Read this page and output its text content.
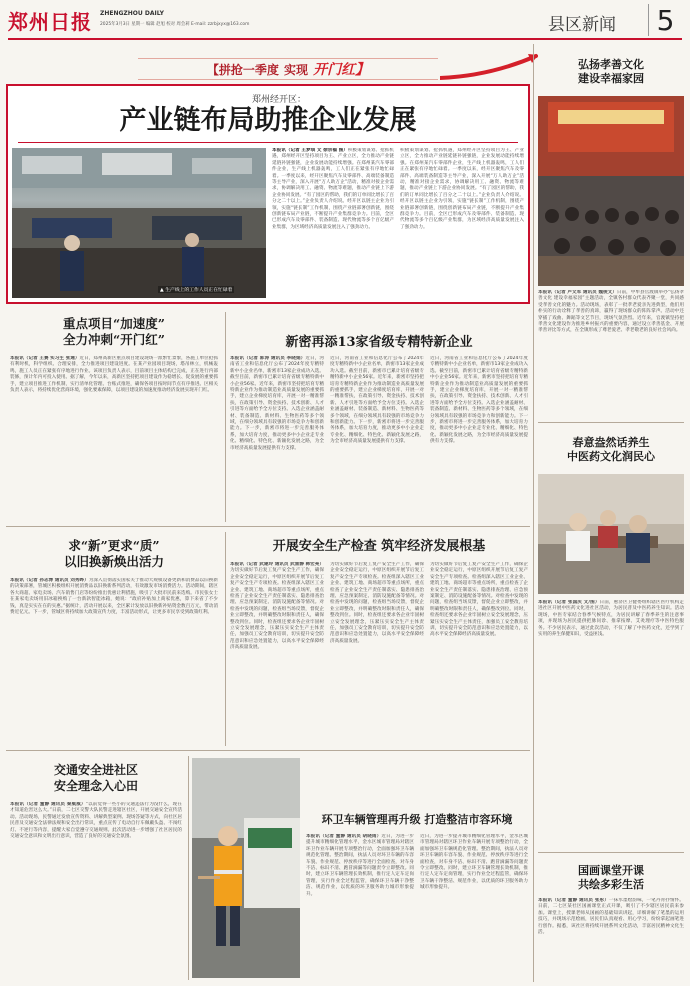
郑州日报 ZHENGZHOU DAILY
2025年3月3日 星期一 编辑 赵旭 校对 周会莉 E-mail: zzrbjxyx@163.com	县区新闻	5
【拼抢一季度 实现 开门红】
郑州经开区：
产业链布局助推企业发展
▲ 生产线上的工作人员正在忙碌着
本报讯（记者 王梦琪 文 徐宗福 图）积极策划谋划、抢抓机遇，郑州经开区坚持项目为王、产业立区，全力推动产业链延链补链强链，企业发展动能持续增强。在郑州某汽车零部件企业，生产线上机器轰鸣，工人们正在紧张有序地忙碌着。一季度以来，经开区聚焦汽车及零部件、高端装备制造等主导产业，深入开展“万人助万企”活动，精准对接企业需求，协调解决用工、融资、物流等难题，推动产业链上下游企业协同发展。“有了园区的帮助，我们的订单同比增长了百分之二十以上。”企业负责人介绍说。经开区以链主企业为引领，实施“链长制”工作机制，围绕产业链部署创新链，围绕创新链布局产业链，不断提升产业集群竞争力。目前，全区已形成汽车及零部件、装备制造、现代物流等多个百亿级产业集群，为区域经济高质量发展注入了强劲动力。
积极策划谋划、抢抓机遇，郑州经开区坚持项目为王、产业立区，全力推动产业链延链补链强链，企业发展动能持续增强。在郑州某汽车零部件企业，生产线上机器轰鸣，工人们正在紧张有序地忙碌着。一季度以来，经开区聚焦汽车及零部件、高端装备制造等主导产业，深入开展“万人助万企”活动，精准对接企业需求，协调解决用工、融资、物流等难题，推动产业链上下游企业协同发展。“有了园区的帮助，我们的订单同比增长了百分之二十以上。”企业负责人介绍说。经开区以链主企业为引领，实施“链长制”工作机制，围绕产业链部署创新链，围绕创新链布局产业链，不断提升产业集群竞争力。目前，全区已形成汽车及零部件、装备制造、现代物流等多个百亿级产业集群，为区域经济高质量发展注入了强劲动力。
弘扬孝善文化
建设幸福家园
本报讯（记者 卢文军 通讯员 魏俊文）日前，中牟县官渡镇举办“弘扬孝善文化 建设幸福家园”主题活动，全镇各村群众代表齐聚一堂，共同感受孝善文化的魅力。活动现场，表彰了一批孝老爱亲先进典型，他们用朴实的行动诠释了孝善的真谛，赢得了现场群众的阵阵掌声。活动中还穿插了戏曲、舞蹈等文艺节目，现场气氛热烈。近年来，官渡镇坚持把孝善文化建设作为推进乡村振兴的重要内容，通过设立孝善基金、开展孝善评比等方式，在全镇形成了尊老爱老、孝老敬老的良好社会风尚。
春意盎然话养生
中医药文化润民心
本报讯（记者 张国庆 文/图）日前，惠济区卫健委组织辖区医疗机构走进社区开展中医药文化进社区活动，为居民普及中医药养生知识。活动现场，中医专家结合春季气候特点，为居民讲解了春季养生的注意事项，并现场为居民提供把脉问诊、推拿按摩、艾灸理疗等中医特色服务。不少居民表示，通过此次活动，不仅了解了中医药文化，还学到了实用的养生保健知识，受益匪浅。
国画课堂开课
共绘多彩生活
本报讯（记者 董静 通讯员 张彤）一抹水墨绘韵味，一笔丹青抒情怀。日前，二七区某社区国画课堂正式开课，吸引了不少辖区居民前来参加。课堂上，授课老师从国画的基础知识讲起，详细讲解了笔墨的运用技巧，并现场示范绘画，居民们认真观看、用心学习，纷纷拿起画笔进行创作。据悉，该社区将持续开展系列文化活动，丰富居民精神文化生活。
重点项目“加速度”
全力冲刺“开门红”
本报讯（记者 王赛 实习生 张通）近日，郑州高新区重点项目建设现场一派繁忙景象，各施工单位抢抓有利时机，科学组织、合理安排，全力推进项目建设进度。在某产业园项目现场，塔吊林立，机械轰鸣，施工人员正在紧张有序地进行作业。该项目负责人表示，目前项目主体结构已完成，正在进行内部装修，预计年内可投入使用。据了解，今年以来，高新区坚持把项目建设作为稳增长、促发展的重要抓手，建立项目推进工作机制，实行清单化管理、台账式推进，确保各项目按时间节点有序推进。区相关负责人表示，将持续优化营商环境，强化要素保障，以项目建设的加速度推动经济发展实现开门红。
新密再添13家省级专精特新企业
本报讯（记者 郭涛 通讯员 李晓娟）近日，河南省工业和信息化厅公布了2024年度专精特新中小企业名单，新密市13家企业成功入选。截至目前，新密市已累计培育省级专精特新中小企业56家。近年来，新密市坚持把培育专精特新企业作为推动制造业高质量发展的重要抓手，建立企业梯度培育库，开展一对一精准帮扶，在政策引导、资金扶持、技术创新、人才引进等方面给予全方位支持。入选企业涵盖耐材、装备制造、新材料、生物医药等多个领域，在细分领域具有较强的市场竞争力和创新能力。下一步，新密市将进一步完善服务体系，加大培育力度，推动更多中小企业走专业化、精细化、特色化、新颖化发展之路，为全市经济高质量发展提供有力支撑。
近日，河南省工业和信息化厅公布了2024年度专精特新中小企业名单，新密市13家企业成功入选。截至目前，新密市已累计培育省级专精特新中小企业56家。近年来，新密市坚持把培育专精特新企业作为推动制造业高质量发展的重要抓手，建立企业梯度培育库，开展一对一精准帮扶，在政策引导、资金扶持、技术创新、人才引进等方面给予全方位支持。入选企业涵盖耐材、装备制造、新材料、生物医药等多个领域，在细分领域具有较强的市场竞争力和创新能力。下一步，新密市将进一步完善服务体系，加大培育力度，推动更多中小企业走专业化、精细化、特色化、新颖化发展之路，为全市经济高质量发展提供有力支撑。
近日，河南省工业和信息化厅公布了2024年度专精特新中小企业名单，新密市13家企业成功入选。截至目前，新密市已累计培育省级专精特新中小企业56家。近年来，新密市坚持把培育专精特新企业作为推动制造业高质量发展的重要抓手，建立企业梯度培育库，开展一对一精准帮扶，在政策引导、资金扶持、技术创新、人才引进等方面给予全方位支持。入选企业涵盖耐材、装备制造、新材料、生物医药等多个领域，在细分领域具有较强的市场竞争力和创新能力。下一步，新密市将进一步完善服务体系，加大培育力度，推动更多中小企业走专业化、精细化、特色化、新颖化发展之路，为全市经济高质量发展提供有力支撑。
求“新”更求“质”
以旧换新焕出活力
本报讯（记者 孙志博 通讯员 刘秀晔）为深入贯彻落实国家关于推动大规模设备更新和消费品以旧换新的决策部署，管城区积极组织开展消费品以旧换新系列活动，有效激发市场消费活力。活动期间，辖区各大商超、家电卖场、汽车销售门店等纷纷推出优惠让利措施，吸引了大批市民前来选购。市民张女士在某家电卖场用旧冰箱换购了一台新款智能冰箱，她说：“政府补贴加上商家优惠，算下来省了不少钱，真是实实在在的实惠。”据统计，活动开展以来，全区累计发放以旧换新补贴资金数百万元，带动消费近亿元。下一步，管城区将持续加大政策宣传力度，丰富活动形式，让更多市民享受到政策红利。
开展安全生产检查 筑牢经济发展根基
本报讯（记者 武建玲 通讯员 武雷静 韩宏亮）为切实做好节后复工复产安全生产工作，确保企业安全稳定运行，中原区组织开展节后复工复产安全生产专项检查。检查组深入辖区工业企业、建筑工地、商场超市等重点场所，重点检查了企业安全生产责任制落实、隐患排查治理、应急预案制定、消防设施配备等情况。对检查中发现的问题，检查组当场反馈，督促企业立即整改，并明确整改时限和责任人，确保整改到位。同时，检查组还要求各企业牢固树立安全发展理念，压紧压实安全生产主体责任，加强员工安全教育培训，切实提升安全防范意识和应急处置能力，以高水平安全保障经济高质量发展。
为切实做好节后复工复产安全生产工作，确保企业安全稳定运行，中原区组织开展节后复工复产安全生产专项检查。检查组深入辖区工业企业、建筑工地、商场超市等重点场所，重点检查了企业安全生产责任制落实、隐患排查治理、应急预案制定、消防设施配备等情况。对检查中发现的问题，检查组当场反馈，督促企业立即整改，并明确整改时限和责任人，确保整改到位。同时，检查组还要求各企业牢固树立安全发展理念，压紧压实安全生产主体责任，加强员工安全教育培训，切实提升安全防范意识和应急处置能力，以高水平安全保障经济高质量发展。
为切实做好节后复工复产安全生产工作，确保企业安全稳定运行，中原区组织开展节后复工复产安全生产专项检查。检查组深入辖区工业企业、建筑工地、商场超市等重点场所，重点检查了企业安全生产责任制落实、隐患排查治理、应急预案制定、消防设施配备等情况。对检查中发现的问题，检查组当场反馈，督促企业立即整改，并明确整改时限和责任人，确保整改到位。同时，检查组还要求各企业牢固树立安全发展理念，压紧压实安全生产主体责任，加强员工安全教育培训，切实提升安全防范意识和应急处置能力，以高水平安全保障经济高质量发展。
交通安全进社区
安全理念入心田
本报讯（记者 董静 通讯员 秦威威）“以前觉得一些小的交通违法行为没什么，现在才知道危害这么大。”日前，二七区交警大队民警走进辖区社区，开展交通安全宣传活动。活动现场，民警通过发放宣传资料、讲解典型案例、现场答疑等方式，向社区居民普及交通安全法律法规和安全出行常识，重点宣传了电动自行车佩戴头盔、不闯红灯、不逆行等内容，提醒大家自觉遵守交通规则。此次活动进一步增强了社区居民的交通安全意识和文明出行意识，营造了良好的交通安全氛围。
环卫车辆管理再升级 打造整洁市容环境
本报讯（记者 董静 通讯员 胡晓雨）近日，为进一步提升城市精细化管理水平，金水区城市管理局对辖区环卫作业车辆开展专项整治行动，全面加强环卫车辆规范化管理。整治期间，执法人员对环卫车辆的车容车貌、作业规范、停放秩序等进行全面检查，对车身不洁、标识不清、跑冒滴漏等问题责令立即整改。同时，建立环卫车辆管理长效机制，推行定人定车定岗管理，实行作业全过程监管，确保环卫车辆干净整洁、规范作业，以优质的环卫服务助力城市形象提升。
近日，为进一步提升城市精细化管理水平，金水区城市管理局对辖区环卫作业车辆开展专项整治行动，全面加强环卫车辆规范化管理。整治期间，执法人员对环卫车辆的车容车貌、作业规范、停放秩序等进行全面检查，对车身不洁、标识不清、跑冒滴漏等问题责令立即整改。同时，建立环卫车辆管理长效机制，推行定人定车定岗管理，实行作业全过程监管，确保环卫车辆干净整洁、规范作业，以优质的环卫服务助力城市形象提升。
